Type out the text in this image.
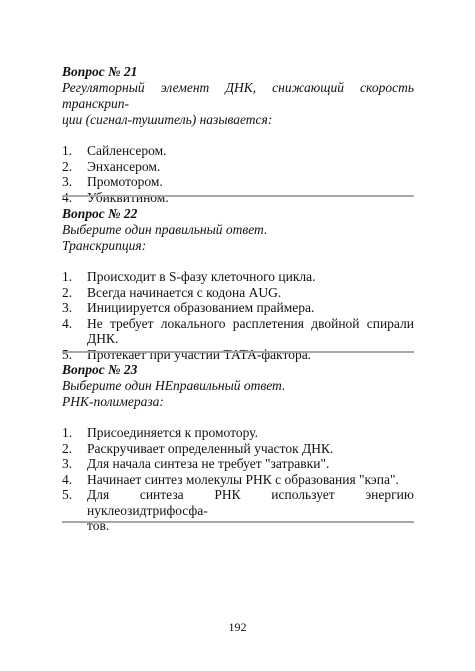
Вопрос № 21

Регуляторный элемент ДНК, снижающий скорость транскрип-

ции (сигнал-тушитель) называется:

1. Сайленсером.
2. Энхансером.
3. Промотором.
4. Убиквитином.

Вопрос № 22

Выберите один правильный ответ.

Транскрипция:

1. Происходит в S-фазу клеточного цикла.
2. Всегда начинается с кодона AUG.
3. Инициируется образованием праймера.
4. Не требует локального расплетения двойной спирали ДНК.
5. Протекает при участии ТАТА-фактора.

Вопрос № 23

Выберите один НЕправильный ответ.

РНК-полимераза:

1. Присоединяется к промотору.
2. Раскручивает определенный участок ДНК.
3. Для начала синтеза не требует "затравки".
4. Начинает синтез молекулы РНК с образования "кэпа".
5. Для синтеза РНК использует энергию нуклеозидтрифосфа-
тов.
192
